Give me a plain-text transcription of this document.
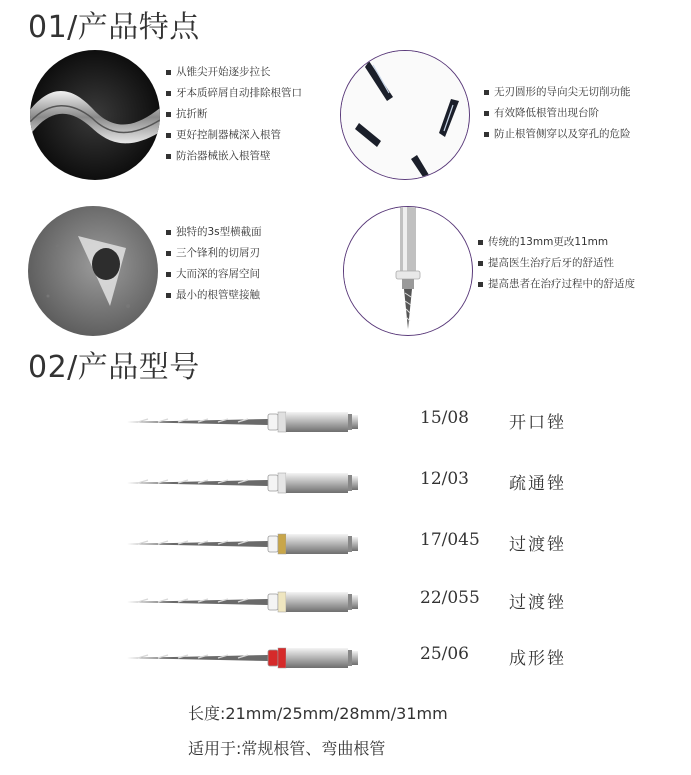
01/产品特点
从锥尖开始逐步拉长
牙本质碎屑自动排除根管口
抗折断
更好控制器械深入根管
防治器械嵌入根管壁
无刃圆形的导向尖无切削功能
有效降低根管出现台阶
防止根管侧穿以及穿孔的危险
独特的3s型横截面
三个锋利的切屑刃
大而深的容屑空间
最小的根管壁接触
传统的13mm更改11mm
提高医生治疗后牙的舒适性
提高患者在治疗过程中的舒适度
02/产品型号
15/08 开口锉
12/03 疏通锉
17/045 过渡锉
22/055 过渡锉
25/06 成形锉
长度:21mm/25mm/28mm/31mm
适用于:常规根管、弯曲根管
